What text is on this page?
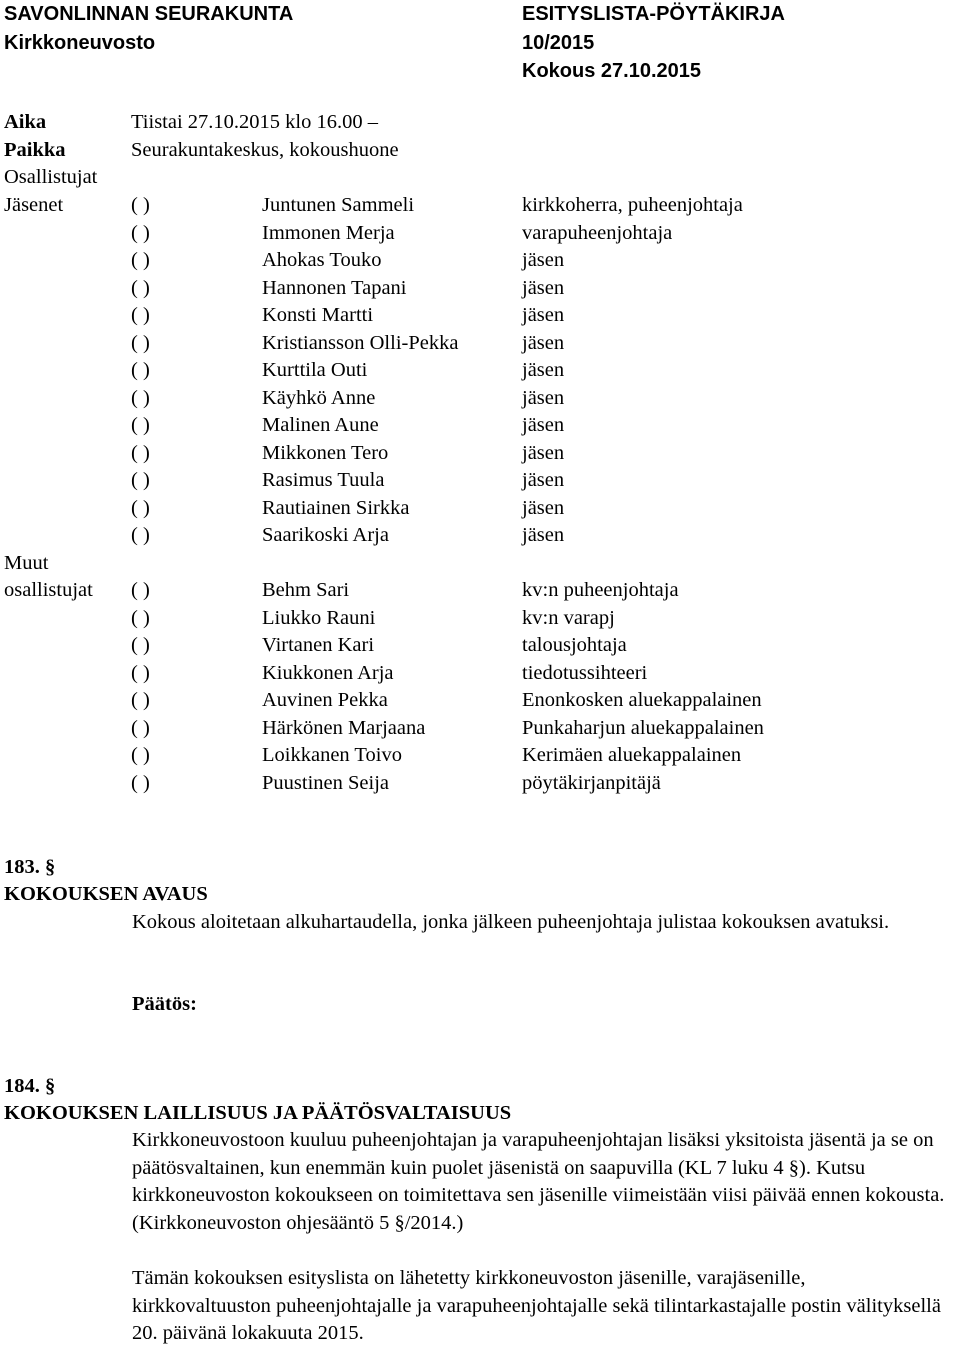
SAVONLINNAN SEURAKUNTA
Kirkkoneuvosto
ESITYSLISTA-PÖYTÄKIRJA
10/2015
Kokous 27.10.2015
Aika	Tiistai 27.10.2015 klo 16.00 –
Paikka	Seurakuntakeskus, kokoushuone
Osallistujat
Jäsenet	( )	Juntunen Sammeli	kirkkoherra, puheenjohtaja
( )	Immonen Merja	varapuheenjohtaja
( )	Ahokas Touko	jäsen
( )	Hannonen Tapani	jäsen
( )	Konsti Martti	jäsen
( )	Kristiansson Olli-Pekka	jäsen
( )	Kurttila Outi	jäsen
( )	Käyhkö Anne	jäsen
( )	Malinen Aune	jäsen
( )	Mikkonen Tero	jäsen
( )	Rasimus Tuula	jäsen
( )	Rautiainen Sirkka	jäsen
( )	Saarikoski Arja	jäsen
Muut
osallistujat ( )	Behm Sari	kv:n puheenjohtaja
( )	Liukko Rauni	kv:n varapj
( )	Virtanen Kari	talousjohtaja
( )	Kiukkonen Arja	tiedotussihteeri
( )	Auvinen Pekka	Enonkosken aluekappalainen
( )	Härkönen Marjaana	Punkaharjun aluekappalainen
( )	Loikkanen Toivo	Kerimäen aluekappalainen
( )	Puustinen Seija	pöytäkirjanpitäjä
183. §
KOKOUKSEN AVAUS
Kokous aloitetaan alkuhartaudella, jonka jälkeen puheenjohtaja julistaa kokouksen avatuksi.
Päätös:
184. §
KOKOUKSEN LAILLISUUS JA PÄÄTÖSVALTAISUUS
Kirkkoneuvostoon kuuluu puheenjohtajan ja varapuheenjohtajan lisäksi yksitoista jäsentä ja se on päätösvaltainen, kun enemmän kuin puolet jäsenistä on saapuvilla (KL 7 luku 4 §). Kutsu kirkkoneuvoston kokoukseen on toimitettava sen jäsenille viimeistään viisi päivää ennen kokousta. (Kirkkoneuvoston ohjesääntö 5 §/2014.)
Tämän kokouksen esityslista on lähetetty kirkkoneuvoston jäsenille, varajäsenille, kirkkovaltuuston puheenjohtajalle ja varapuheenjohtajalle sekä tilintarkastajalle postin välityksellä 20. päivänä lokakuuta 2015.
